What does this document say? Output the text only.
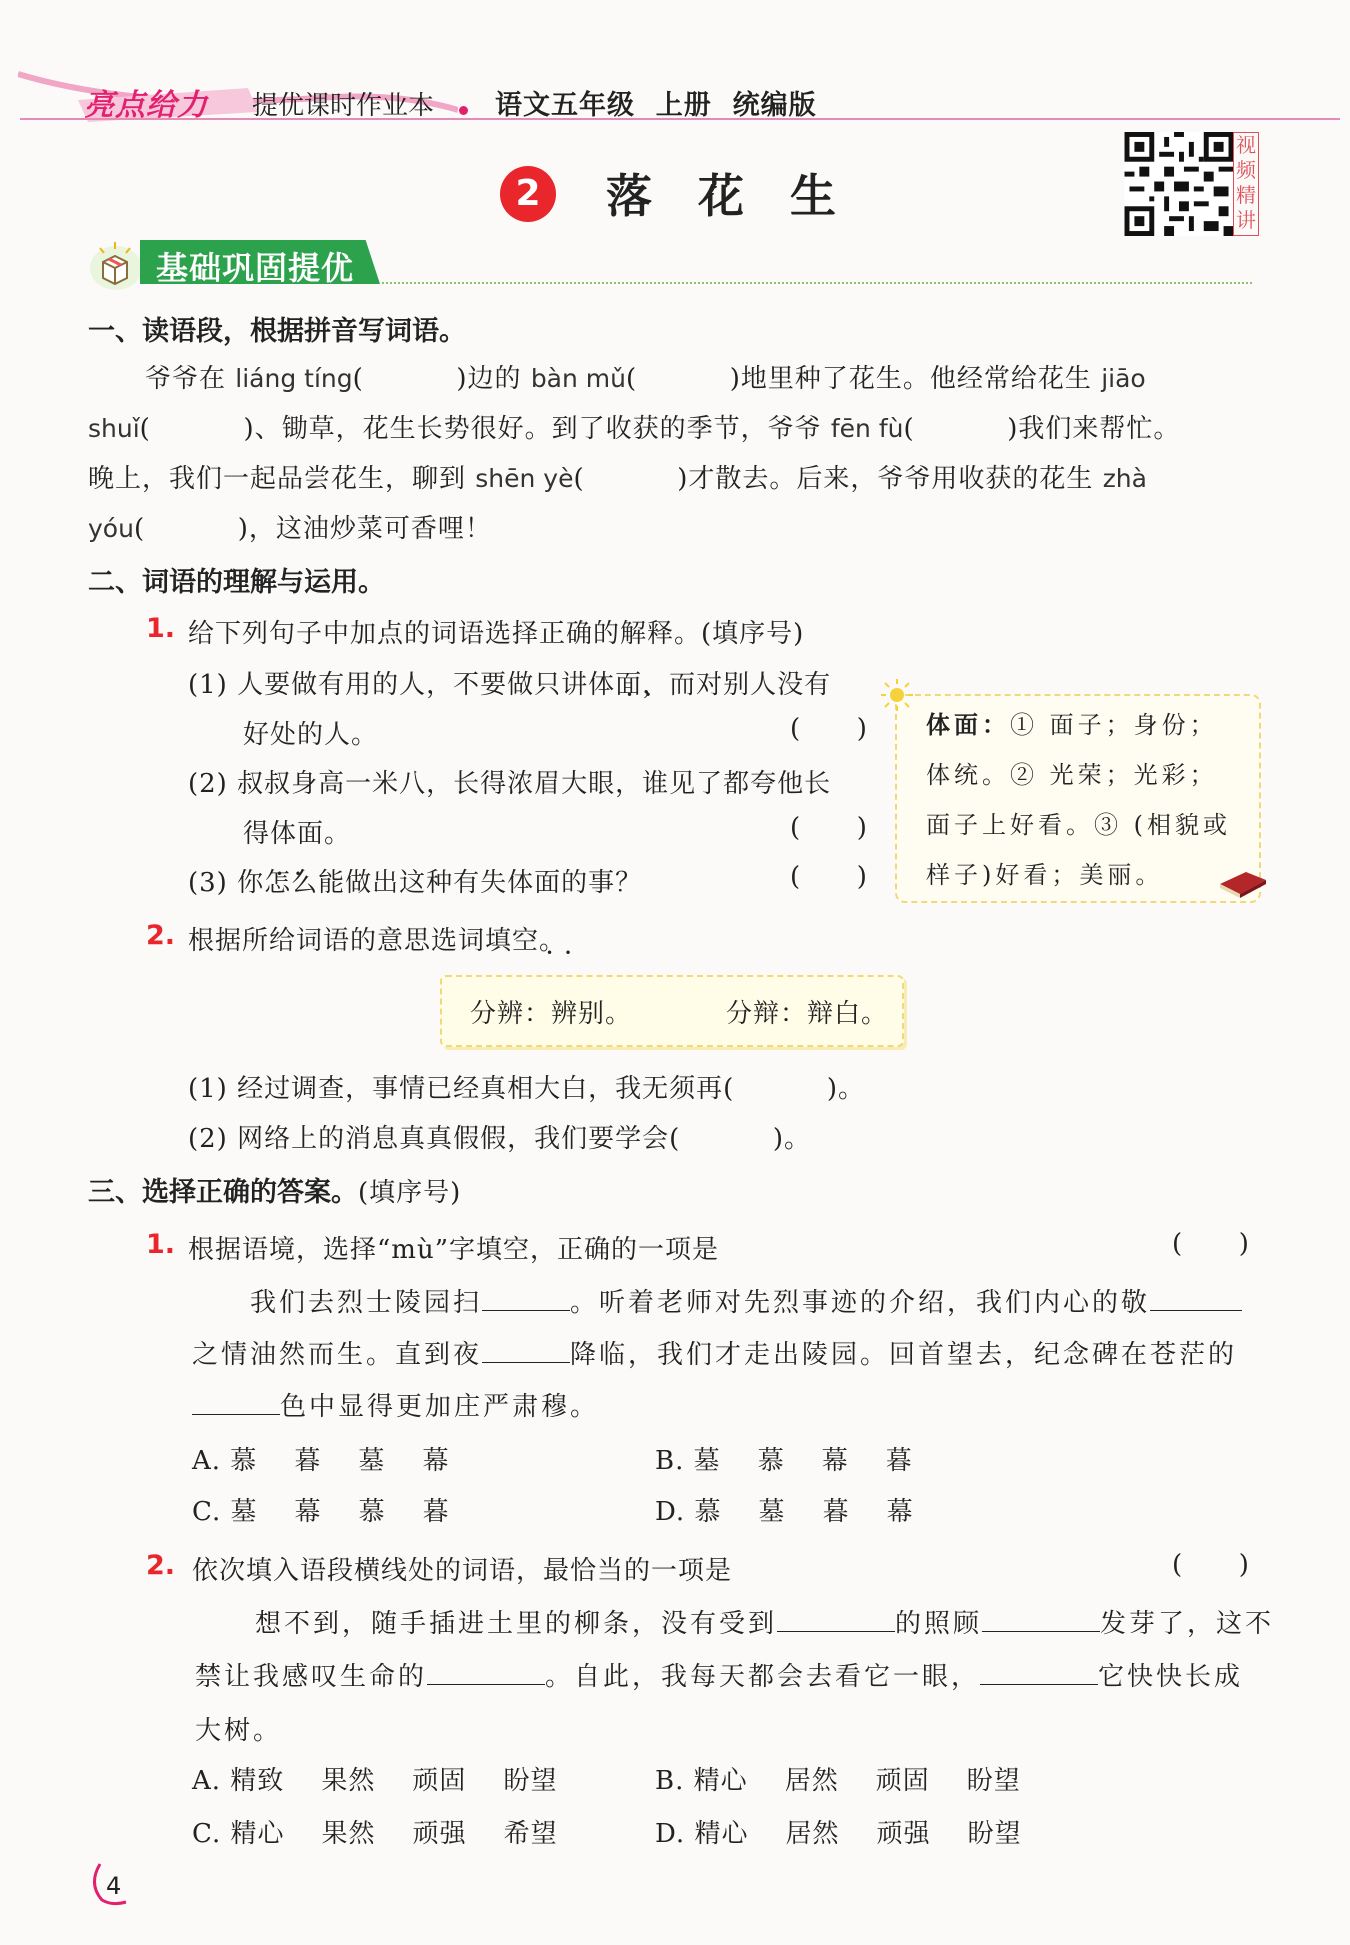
亮点给力 提优课时作业本 语文五年级  上册  统编版
2	落花生
视频精讲
基础巩固提优
一、读语段，根据拼音写词语。
爷爷在 liáng tíng(          )边的 bàn mǔ(          )地里种了花生。他经常给花生 jiāo
shuǐ(          )、锄草，花生长势很好。到了收获的季节，爷爷 fēn fù(          )我们来帮忙。
晚上，我们一起品尝花生，聊到 shēn yè(          )才散去。后来，爷爷用收获的花生 zhà
yóu(          )，这油炒菜可香哩！
二、词语的理解与运用。
1. 给下列句子中加点的词语选择正确的解释。(填序号)
(1) 人要做有用的人，不要做只讲体面，而对别人没有
•   •
好处的人。	(      )
(2) 叔叔身高一米八，长得浓眉大眼，谁见了都夸他长
得体面。
•   •	(      )
(3) 你怎么能做出这种有失体面的事？
•   •	(      )
体面：① 面子；身份；体统。② 光荣；光彩；面子上好看。③ (相貌或样子)好看；美丽。
2. 根据所给词语的意思选词填空。
分辨：辨别。	分辩：辩白。
(1) 经过调查，事情已经真相大白，我无须再(          )。
(2) 网络上的消息真真假假，我们要学会(          )。
三、选择正确的答案。(填序号)
1. 根据语境，选择“mù”字填空，正确的一项是	(      )
我们去烈士陵园扫	。听着老师对先烈事迹的介绍，我们内心的敬
之情油然而生。直到夜	降临，我们才走出陵园。回首望去，纪念碑在苍茫的
色中显得更加庄严肃穆。
A. 慕    暮    墓    幕	B. 墓    慕    幕    暮
C. 墓    幕    慕    暮	D. 慕    墓    暮    幕
2. 依次填入语段横线处的词语，最恰当的一项是	(      )
想不到，随手插进土里的柳条，没有受到	的照顾	发芽了，这不
禁让我感叹生命的	。自此，我每天都会去看它一眼，	它快快长成
大树。
A. 精致    果然    顽固    盼望	B. 精心    居然    顽固    盼望
C. 精心    果然    顽强    希望	D. 精心    居然    顽强    盼望
4
